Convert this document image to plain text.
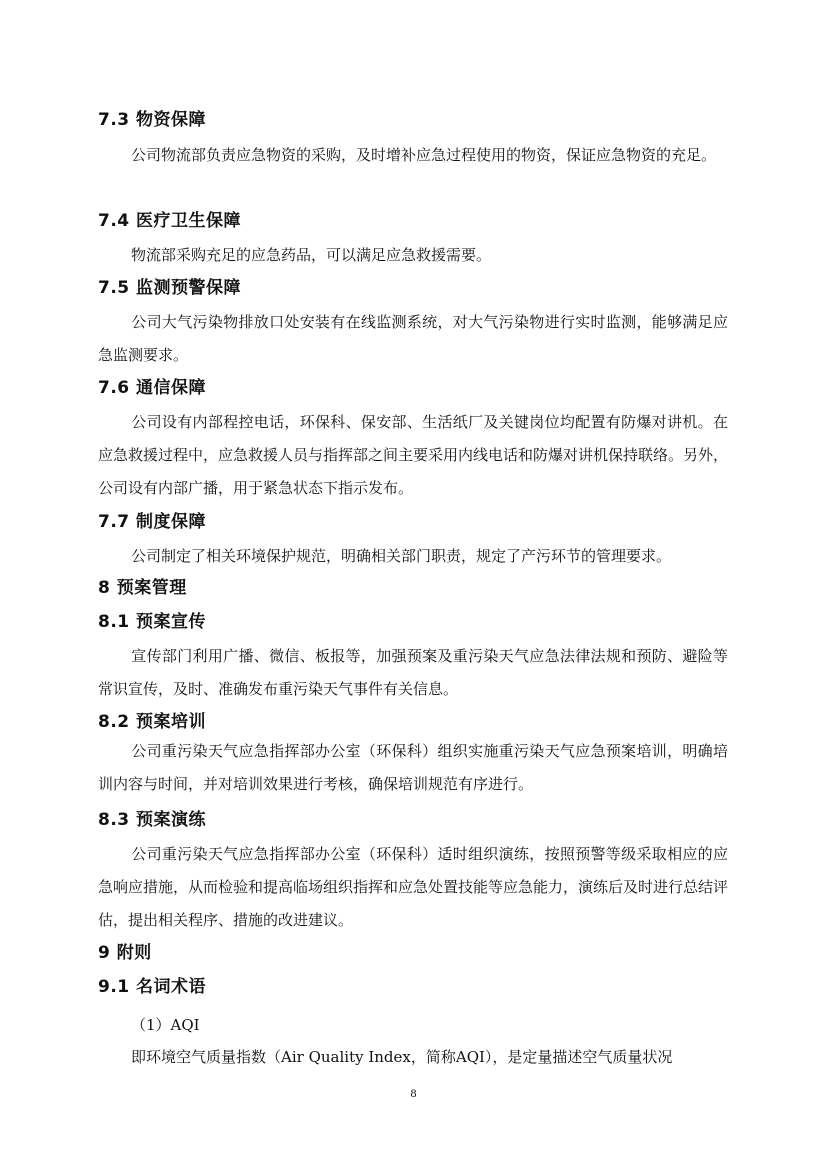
7.3 物资保障
公司物流部负责应急物资的采购，及时增补应急过程使用的物资，保证应急物资的充足。
7.4 医疗卫生保障
物流部采购充足的应急药品，可以满足应急救援需要。
7.5 监测预警保障
公司大气污染物排放口处安装有在线监测系统，对大气污染物进行实时监测，能够满足应急监测要求。
7.6 通信保障
公司设有内部程控电话，环保科、保安部、生活纸厂及关键岗位均配置有防爆对讲机。在应急救援过程中，应急救援人员与指挥部之间主要采用内线电话和防爆对讲机保持联络。另外，公司设有内部广播，用于紧急状态下指示发布。
7.7 制度保障
公司制定了相关环境保护规范，明确相关部门职责，规定了产污环节的管理要求。
8 预案管理
8.1 预案宣传
宣传部门利用广播、微信、板报等，加强预案及重污染天气应急法律法规和预防、避险等常识宣传，及时、准确发布重污染天气事件有关信息。
8.2 预案培训
公司重污染天气应急指挥部办公室（环保科）组织实施重污染天气应急预案培训，明确培训内容与时间，并对培训效果进行考核，确保培训规范有序进行。
8.3 预案演练
公司重污染天气应急指挥部办公室（环保科）适时组织演练，按照预警等级采取相应的应急响应措施，从而检验和提高临场组织指挥和应急处置技能等应急能力，演练后及时进行总结评估，提出相关程序、措施的改进建议。
9 附则
9.1 名词术语
（1）AQI
即环境空气质量指数（Air Quality Index，简称AQI），是定量描述空气质量状况
8
